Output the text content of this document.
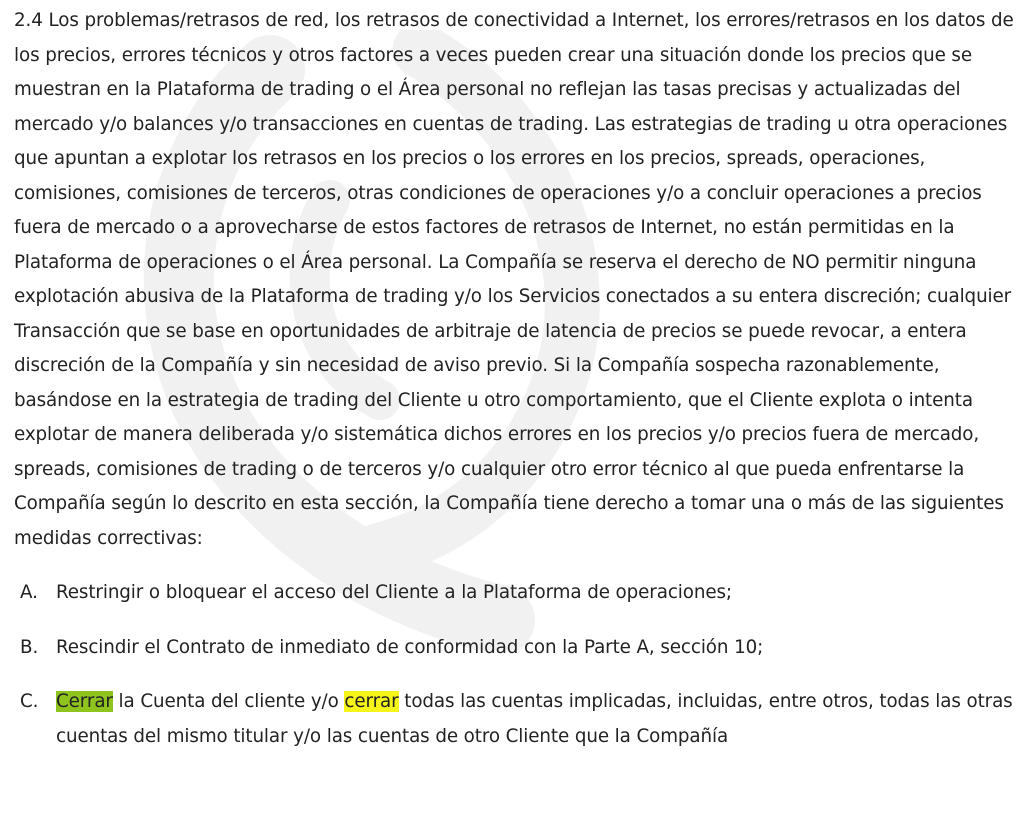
2.4 Los problemas/retrasos de red, los retrasos de conectividad a Internet, los errores/retrasos en los datos de los precios, errores técnicos y otros factores a veces pueden crear una situación donde los precios que se muestran en la Plataforma de trading o el Área personal no reflejan las tasas precisas y actualizadas del mercado y/o balances y/o transacciones en cuentas de trading. Las estrategias de trading u otra operaciones que apuntan a explotar los retrasos en los precios o los errores en los precios, spreads, operaciones, comisiones, comisiones de terceros, otras condiciones de operaciones y/o a concluir operaciones a precios fuera de mercado o a aprovecharse de estos factores de retrasos de Internet, no están permitidas en la Plataforma de operaciones o el Área personal. La Compañía se reserva el derecho de NO permitir ninguna explotación abusiva de la Plataforma de trading y/o los Servicios conectados a su entera discreción; cualquier Transacción que se base en oportunidades de arbitraje de latencia de precios se puede revocar, a entera discreción de la Compañía y sin necesidad de aviso previo. Si la Compañía sospecha razonablemente, basándose en la estrategia de trading del Cliente u otro comportamiento, que el Cliente explota o intenta explotar de manera deliberada y/o sistemática dichos errores en los precios y/o precios fuera de mercado, spreads, comisiones de trading o de terceros y/o cualquier otro error técnico al que pueda enfrentarse la Compañía según lo descrito en esta sección, la Compañía tiene derecho a tomar una o más de las siguientes medidas correctivas:

A. Restringir o bloquear el acceso del Cliente a la Plataforma de operaciones;
B. Rescindir el Contrato de inmediato de conformidad con la Parte A, sección 10;
C. Cerrar la Cuenta del cliente y/o cerrar todas las cuentas implicadas, incluidas, entre otros, todas las otras cuentas del mismo titular y/o las cuentas de otro Cliente que la Compañía
